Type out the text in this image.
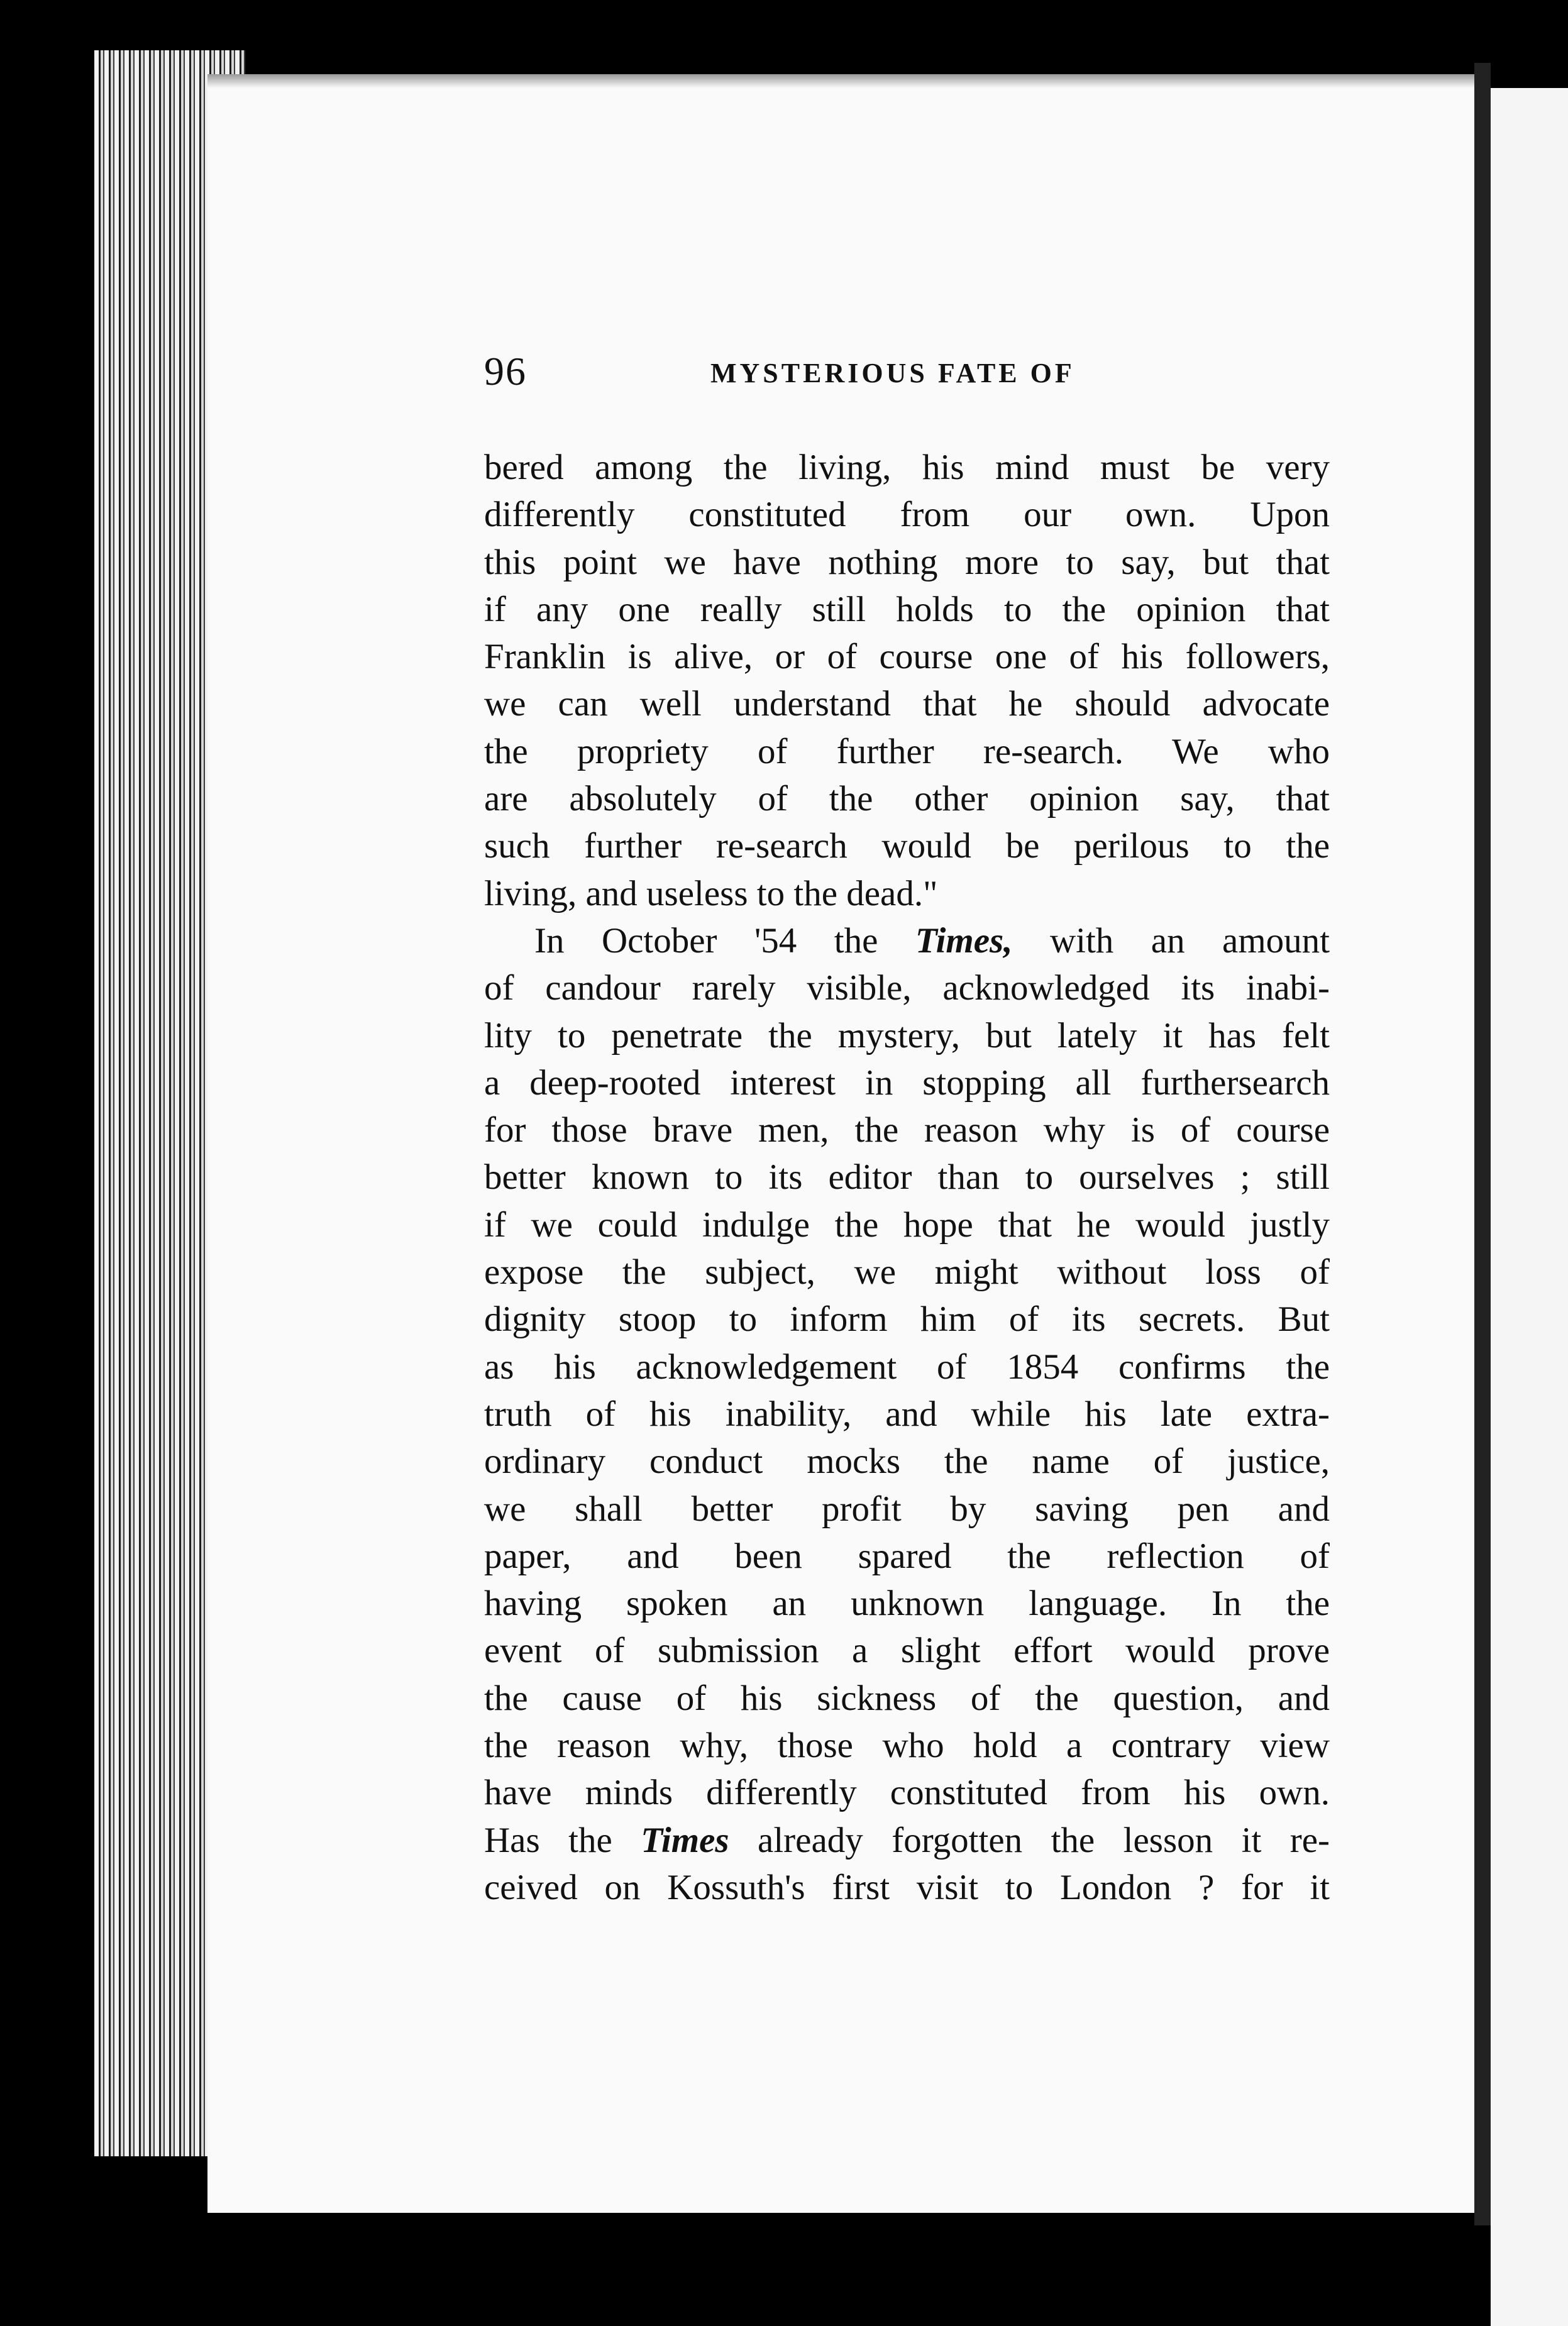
96	MYSTERIOUS FATE OF
bered among the living, his mind must be very
differently constituted from our own. Upon
this point we have nothing more to say, but that
if any one really still holds to the opinion that
Franklin is alive, or of course one of his followers,
we can well understand that he should advocate
the propriety of further re-search. We who
are absolutely of the other opinion say, that
such further re-search would be perilous to the
living, and useless to the dead."
In October '54 the Times, with an amount
of candour rarely visible, acknowledged its inabi-
lity to penetrate the mystery, but lately it has felt
a deep-rooted interest in stopping all furthersearch
for those brave men, the reason why is of course
better known to its editor than to ourselves ; still
if we could indulge the hope that he would justly
expose the subject, we might without loss of
dignity stoop to inform him of its secrets. But
as his acknowledgement of 1854 confirms the
truth of his inability, and while his late extra-
ordinary conduct mocks the name of justice,
we shall better profit by saving pen and
paper, and been spared the reflection of
having spoken an unknown language. In the
event of submission a slight effort would prove
the cause of his sickness of the question, and
the reason why, those who hold a contrary view
have minds differently constituted from his own.
Has the Times already forgotten the lesson it re-
ceived on Kossuth's first visit to London ? for it
